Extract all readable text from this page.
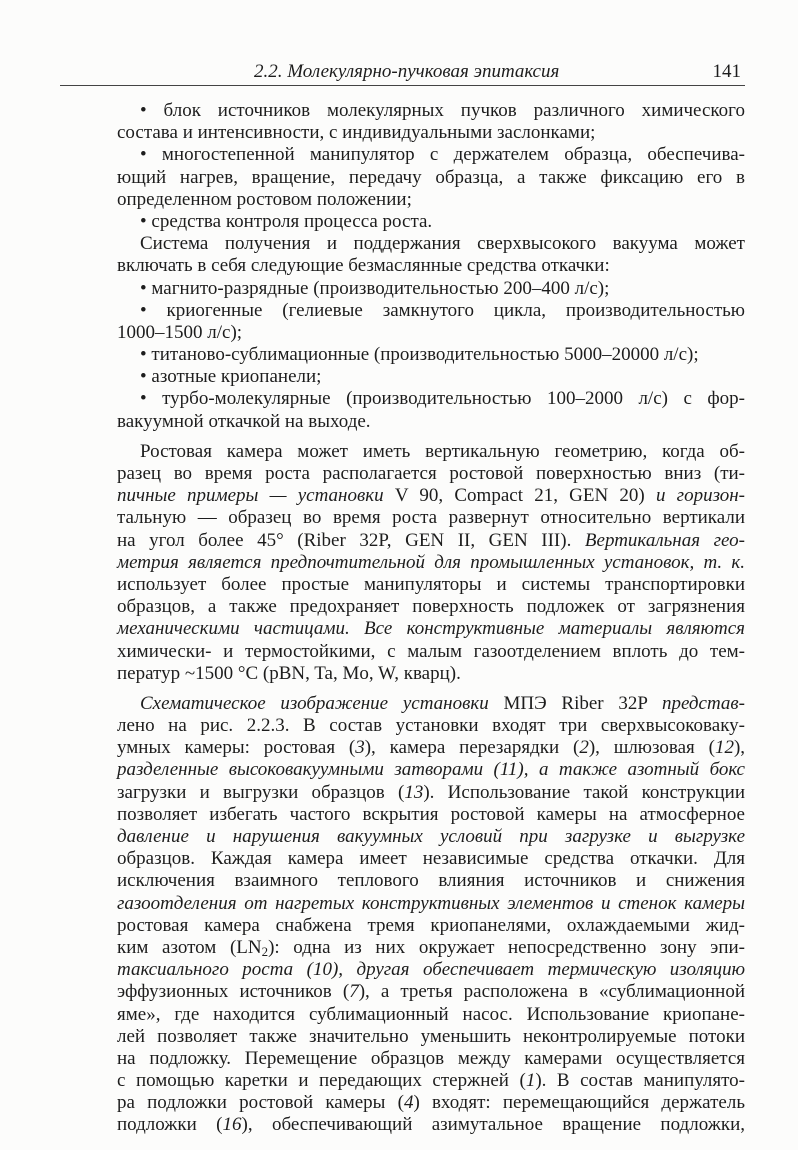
2.2. Молекулярно-пучковая эпитаксия	141
• блок источников молекулярных пучков различного химического
состава и интенсивности, с индивидуальными заслонками;
• многостепенной манипулятор с держателем образца, обеспечива-
ющий нагрев, вращение, передачу образца, а также фиксацию его в
определенном ростовом положении;
• средства контроля процесса роста.
Система получения и поддержания сверхвысокого вакуума может
включать в себя следующие безмаслянные средства откачки:
• магнито-разрядные (производительностью 200–400 л/с);
• криогенные (гелиевые замкнутого цикла, производительностью
1000–1500 л/с);
• титаново-сублимационные (производительностью 5000–20000 л/с);
• азотные криопанели;
• турбо-молекулярные (производительностью 100–2000 л/с) с фор-
вакуумной откачкой на выходе.
Ростовая камера может иметь вертикальную геометрию, когда об-
разец во время роста располагается ростовой поверхностью вниз (ти-
пичные примеры — установки V 90, Compact 21, GEN 20) и горизон-
тальную — образец во время роста развернут относительно вертикали
на угол более 45° (Riber 32P, GEN II, GEN III). Вертикальная гео-
метрия является предпочтительной для промышленных установок, т. к.
использует более простые манипуляторы и системы транспортировки
образцов, а также предохраняет поверхность подложек от загрязнения
механическими частицами. Все конструктивные материалы являются
химически- и термостойкими, с малым газоотделением вплоть до тем-
ператур ~1500 °C (pBN, Ta, Mo, W, кварц).
Схематическое изображение установки МПЭ Riber 32P представ-
лено на рис. 2.2.3. В состав установки входят три сверхвысоковаку-
умных камеры: ростовая (3), камера перезарядки (2), шлюзовая (12),
разделенные высоковакуумными затворами (11), а также азотный бокс
загрузки и выгрузки образцов (13). Использование такой конструкции
позволяет избегать частого вскрытия ростовой камеры на атмосферное
давление и нарушения вакуумных условий при загрузке и выгрузке
образцов. Каждая камера имеет независимые средства откачки. Для
исключения взаимного теплового влияния источников и снижения
газоотделения от нагретых конструктивных элементов и стенок камеры
ростовая камера снабжена тремя криопанелями, охлаждаемыми жид-
ким азотом $(LN_2)$: одна из них окружает непосредственно зону эпи-
таксиального роста (10), другая обеспечивает термическую изоляцию
эффузионных источников (7), а третья расположена в «сублимационной
яме», где находится сублимационный насос. Использование криопане-
лей позволяет также значительно уменьшить неконтролируемые потоки
на подложку. Перемещение образцов между камерами осуществляется
с помощью каретки и передающих стержней (1). В состав манипулято-
ра подложки ростовой камеры (4) входят: перемещающийся держатель
подложки (16), обеспечивающий азимутальное вращение подложки,
